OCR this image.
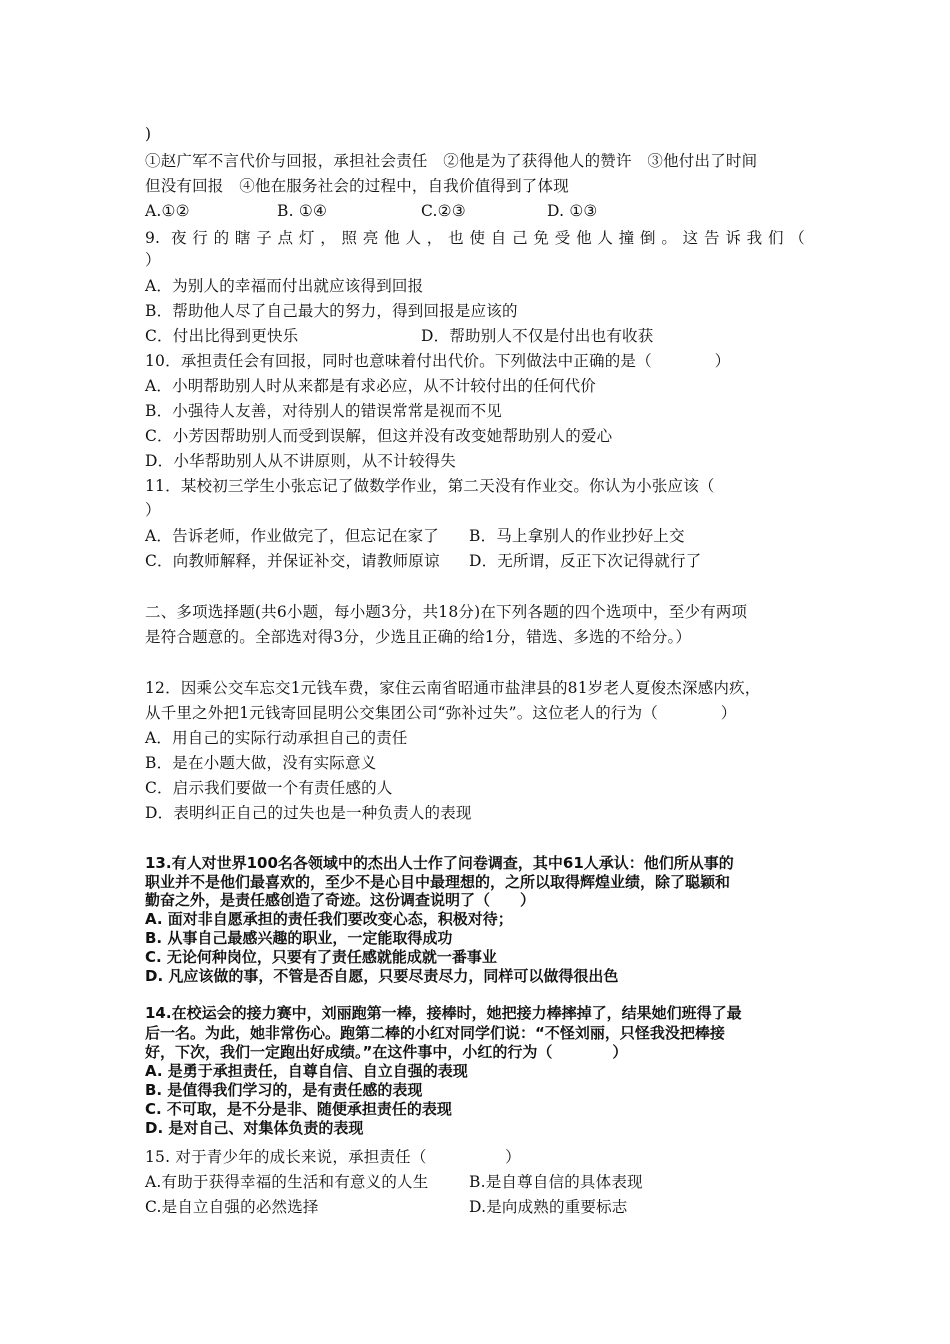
)
①赵广军不言代价与回报，承担社会责任　②他是为了获得他人的赞许　③他付出了时间
但没有回报　④他在服务社会的过程中，自我价值得到了体现
A.①②	B. ①④	C.②③	D. ①③
9. 夜行的瞎子点灯，照亮他人，也使自己免受他人撞倒。这告诉我们（
）
A．为别人的幸福而付出就应该得到回报
B．帮助他人尽了自己最大的努力，得到回报是应该的
C．付出比得到更快乐	D．帮助别人不仅是付出也有收获
10．承担责任会有回报，同时也意味着付出代价。下列做法中正确的是（　　　　）
A．小明帮助别人时从来都是有求必应，从不计较付出的任何代价
B．小强待人友善，对待别人的错误常常是视而不见
C．小芳因帮助别人而受到误解，但这并没有改变她帮助别人的爱心
D．小华帮助别人从不讲原则，从不计较得失
11．某校初三学生小张忘记了做数学作业，第二天没有作业交。你认为小张应该（
）
A．告诉老师，作业做完了，但忘记在家了 B．马上拿别人的作业抄好上交
C．向教师解释，并保证补交，请教师原谅 D．无所谓，反正下次记得就行了
二、多项选择题(共6小题，每小题3分，共18分)在下列各题的四个选项中，至少有两项
是符合题意的。全部选对得3分，少选且正确的给1分，错选、多选的不给分。）
12．因乘公交车忘交1元钱车费，家住云南省昭通市盐津县的81岁老人夏俊杰深感内疚，
从千里之外把1元钱寄回昆明公交集团公司“弥补过失”。这位老人的行为（　　　　）
A．用自己的实际行动承担自己的责任
B．是在小题大做，没有实际意义
C．启示我们要做一个有责任感的人
D．表明纠正自己的过失也是一种负责人的表现
13.有人对世界100名各领域中的杰出人士作了问卷调查，其中61人承认：他们所从事的
职业并不是他们最喜欢的，至少不是心目中最理想的，之所以取得辉煌业绩，除了聪颖和
勤奋之外，是责任感创造了奇迹。这份调查说明了（　　）
A. 面对非自愿承担的责任我们要改变心态，积极对待；
B. 从事自己最感兴趣的职业，一定能取得成功
C. 无论何种岗位，只要有了责任感就能成就一番事业
D. 凡应该做的事，不管是否自愿，只要尽责尽力，同样可以做得很出色
14.在校运会的接力赛中，刘丽跑第一棒，接棒时，她把接力棒摔掉了，结果她们班得了最
后一名。为此，她非常伤心。跑第二棒的小红对同学们说：“不怪刘丽，只怪我没把棒接
好，下次，我们一定跑出好成绩。”在这件事中，小红的行为（　　　　）
A. 是勇于承担责任，自尊自信、自立自强的表现
B. 是值得我们学习的，是有责任感的表现
C. 不可取，是不分是非、随便承担责任的表现
D. 是对自己、对集体负责的表现
15. 对于青少年的成长来说，承担责任（　　　　　）
A.有助于获得幸福的生活和有意义的人生	B.是自尊自信的具体表现
C.是自立自强的必然选择	D.是向成熟的重要标志
